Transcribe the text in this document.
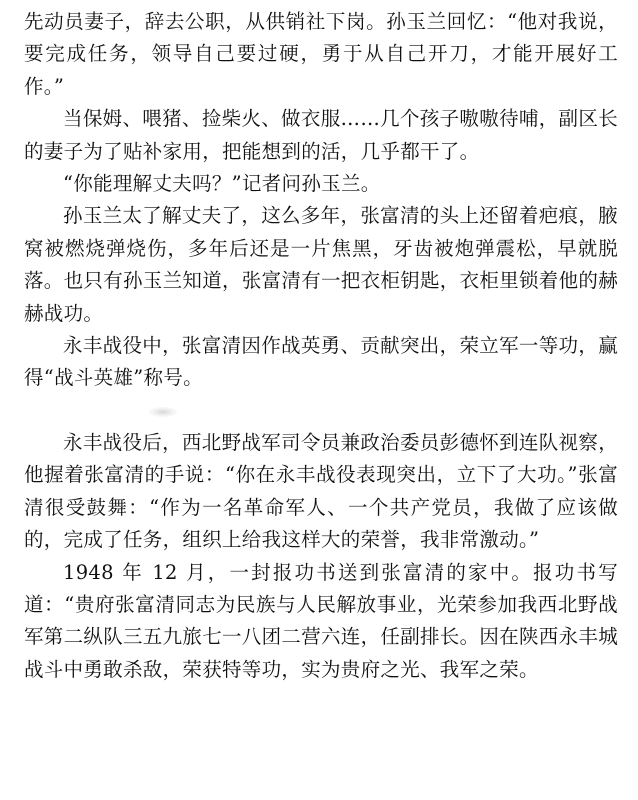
先动员妻子，辞去公职，从供销社下岗。孙玉兰回忆：“他对我说，要完成任务，领导自己要过硬，勇于从自己开刀，才能开展好工作。”

当保姆、喂猪、捡柴火、做衣服……几个孩子嗷嗷待哺，副区长的妻子为了贴补家用，把能想到的活，几乎都干了。

“你能理解丈夫吗？”记者问孙玉兰。

孙玉兰太了解丈夫了，这么多年，张富清的头上还留着疤痕，腋窝被燃烧弹烧伤，多年后还是一片焦黑，牙齿被炮弹震松，早就脱落。也只有孙玉兰知道，张富清有一把衣柜钥匙，衣柜里锁着他的赫赫战功。

永丰战役中，张富清因作战英勇、贡献突出，荣立军一等功，赢得“战斗英雄”称号。

永丰战役后，西北野战军司令员兼政治委员彭德怀到连队视察，他握着张富清的手说：“你在永丰战役表现突出，立下了大功。”张富清很受鼓舞：“作为一名革命军人、一个共产党员，我做了应该做的，完成了任务，组织上给我这样大的荣誉，我非常激动。”

1948 年 12 月，一封报功书送到张富清的家中。报功书写道：“贵府张富清同志为民族与人民解放事业，光荣参加我西北野战军第二纵队三五九旅七一八团二营六连，任副排长。因在陕西永丰城战斗中勇敢杀敌，荣获特等功，实为贵府之光、我军之荣。
